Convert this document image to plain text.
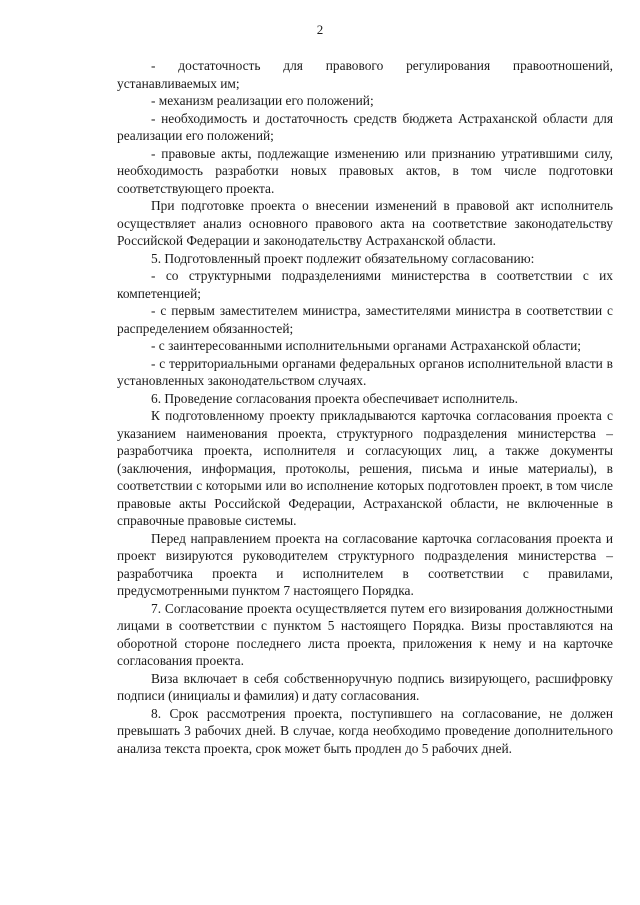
2

- достаточность для правового регулирования правоотношений, устанавливаемых им;

- механизм реализации его положений;

- необходимость и достаточность средств бюджета Астраханской области для реализации его положений;

- правовые акты, подлежащие изменению или признанию утратившими силу, необходимость разработки новых правовых актов, в том числе подготовки соответствующего проекта.

При подготовке проекта о внесении изменений в правовой акт исполнитель осуществляет анализ основного правового акта на соответствие законодательству Российской Федерации и законодательству Астраханской области.

5. Подготовленный проект подлежит обязательному согласованию:

- со структурными подразделениями министерства в соответствии с их компетенцией;

- с первым заместителем министра, заместителями министра в соответствии с распределением обязанностей;

- с заинтересованными исполнительными органами Астраханской области;

- с территориальными органами федеральных органов исполнительной власти в установленных законодательством случаях.

6. Проведение согласования проекта обеспечивает исполнитель.

К подготовленному проекту прикладываются карточка согласования проекта с указанием наименования проекта, структурного подразделения министерства – разработчика проекта, исполнителя и согласующих лиц, а также документы (заключения, информация, протоколы, решения, письма и иные материалы), в соответствии с которыми или во исполнение которых подготовлен проект, в том числе правовые акты Российской Федерации, Астраханской области, не включенные в справочные правовые системы.

Перед направлением проекта на согласование карточка согласования проекта и проект визируются руководителем структурного подразделения министерства – разработчика проекта и исполнителем в соответствии с правилами, предусмотренными пунктом 7 настоящего Порядка.

7. Согласование проекта осуществляется путем его визирования должностными лицами в соответствии с пунктом 5 настоящего Порядка. Визы проставляются на оборотной стороне последнего листа проекта, приложения к нему и на карточке согласования проекта.

Виза включает в себя собственноручную подпись визирующего, расшифровку подписи (инициалы и фамилия) и дату согласования.

8. Срок рассмотрения проекта, поступившего на согласование, не должен превышать 3 рабочих дней. В случае, когда необходимо проведение дополнительного анализа текста проекта, срок может быть продлен до 5 рабочих дней.
